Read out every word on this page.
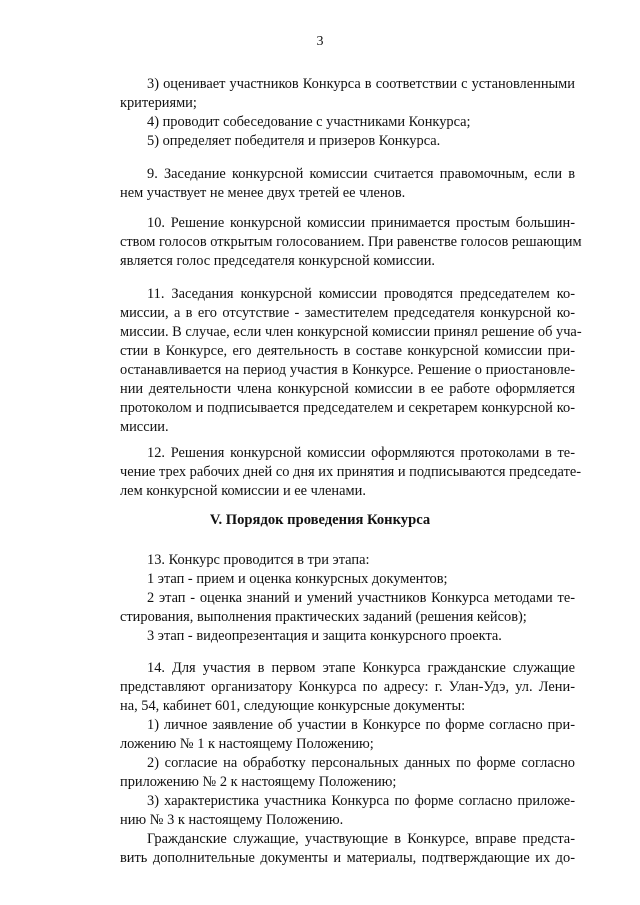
3
3) оценивает участников Конкурса в соответствии с установленными
критериями;
4) проводит собеседование с участниками Конкурса;
5) определяет победителя и призеров Конкурса.
9. Заседание конкурсной комиссии считается правомочным, если в
нем участвует не менее двух третей ее членов.
10. Решение конкурсной комиссии принимается простым большин-
ством голосов открытым голосованием. При равенстве голосов решающим
является голос председателя конкурсной комиссии.
11. Заседания конкурсной комиссии проводятся председателем ко-
миссии, а в его отсутствие - заместителем председателя конкурсной ко-
миссии. В случае, если член конкурсной комиссии принял решение об уча-
стии в Конкурсе, его деятельность в составе конкурсной комиссии при-
останавливается на период участия в Конкурсе. Решение о приостановле-
нии деятельности члена конкурсной комиссии в ее работе оформляется
протоколом и подписывается председателем и секретарем конкурсной ко-
миссии.
12. Решения конкурсной комиссии оформляются протоколами в те-
чение трех рабочих дней со дня их принятия и подписываются председате-
лем конкурсной комиссии и ее членами.
V. Порядок проведения Конкурса
13. Конкурс проводится в три этапа:
1 этап - прием и оценка конкурсных документов;
2 этап - оценка знаний и умений участников Конкурса методами те-
стирования, выполнения практических заданий (решения кейсов);
3 этап - видеопрезентация и защита конкурсного проекта.
14. Для участия в первом этапе Конкурса гражданские служащие
представляют организатору Конкурса по адресу: г. Улан-Удэ, ул. Лени-
на, 54, кабинет 601, следующие конкурсные документы:
1) личное заявление об участии в Конкурсе по форме согласно при-
ложению № 1 к настоящему Положению;
2) согласие на обработку персональных данных по форме согласно
приложению № 2 к настоящему Положению;
3) характеристика участника Конкурса по форме согласно приложе-
нию № 3 к настоящему Положению.
Гражданские служащие, участвующие в Конкурсе, вправе предста-
вить дополнительные документы и материалы, подтверждающие их до-
